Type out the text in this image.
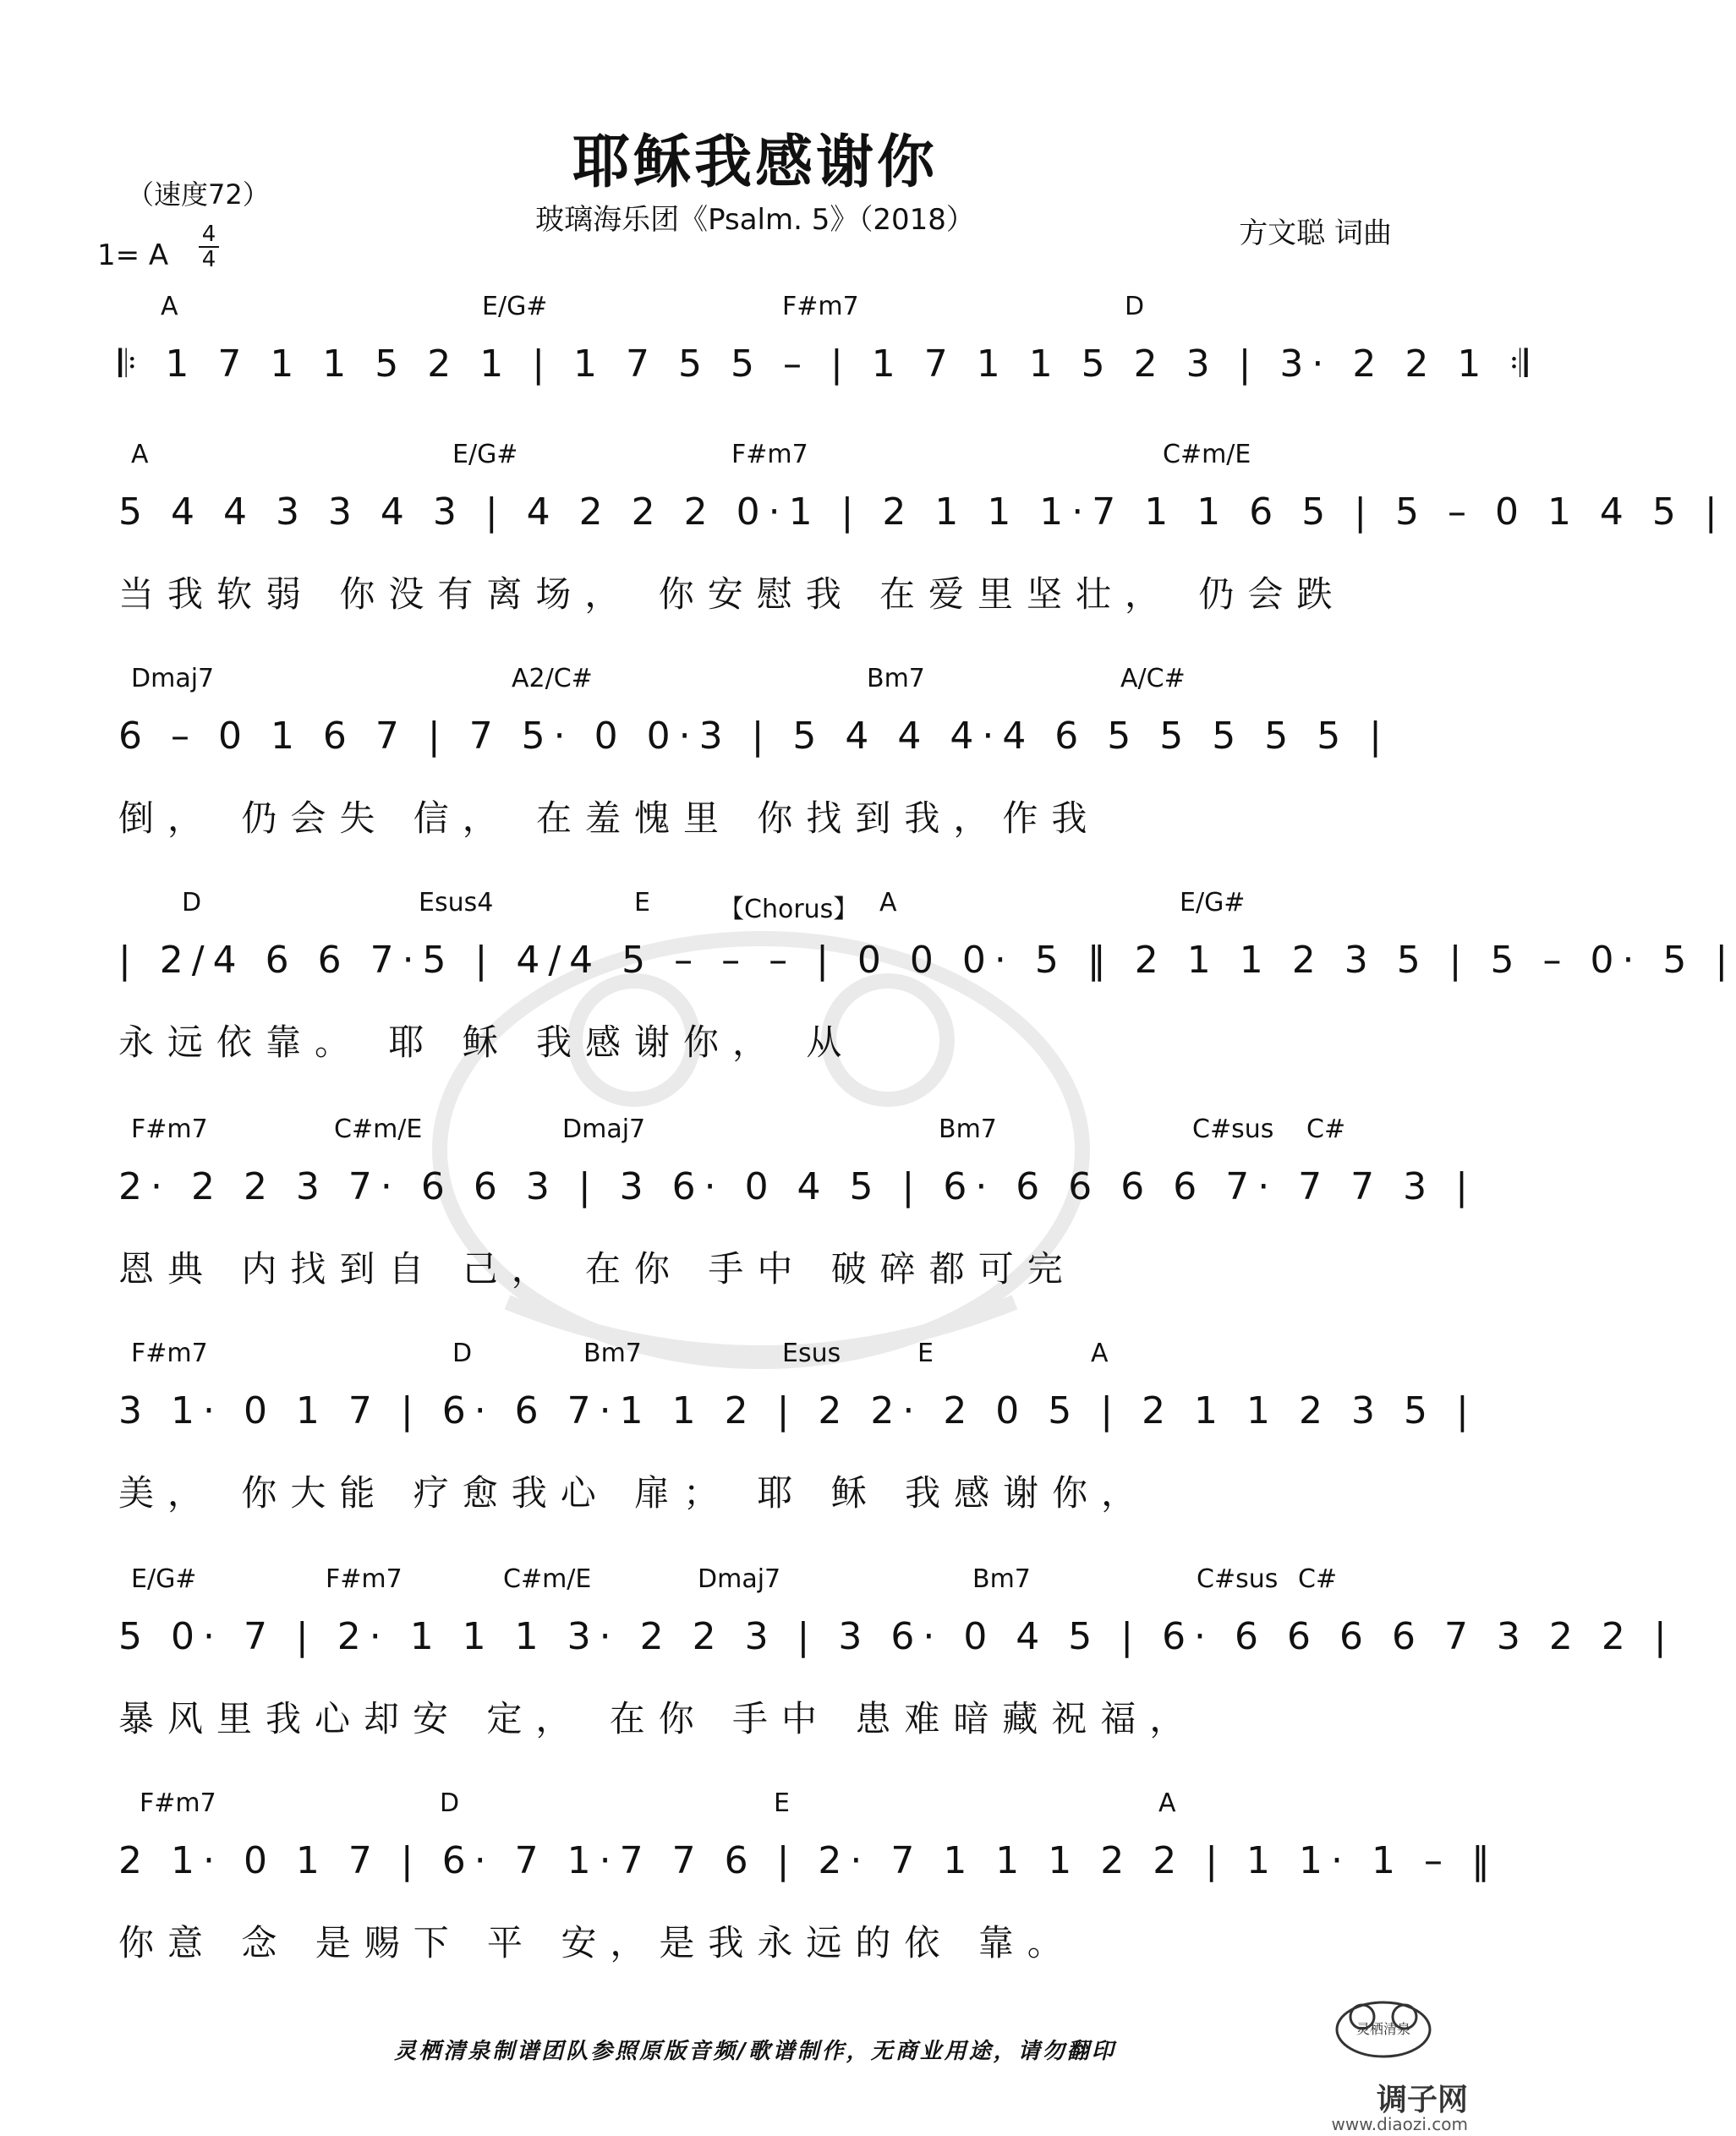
耶稣我感谢你
玻璃海乐团《Psalm. 5》（2018）
（速度72）
方文聪 词曲
1= A
4
4
A	E/G#	F#m7	D
𝄆 1 7 1 1 5 2 1 | 1 7 5 5 – | 1 7 1 1 5 2 3 | 3· 2 2 1 𝄇
A	E/G#	F#m7	C#m/E
5 4 4 3 3 4 3 | 4 2 2 2 0·1 | 2 1 1 1·7 1 1 6 5 | 5 – 0 1 4 5 |
当我软弱 你没有离场， 你安慰我 在爱里坚壮， 仍会跌
Dmaj7	A2/C#	Bm7	A/C#
6 – 0 1 6 7 | 7 5· 0 0·3 | 5 4 4 4·4 6 5 5 5 5 5 |
倒， 仍会失 信， 在羞愧里 你找到我，作我
D	Esus4	E	【Chorus】 A	E/G#
| 2/4 6 6 7·5 | 4/4 5 – – – | 0 0 0· 5 ‖ 2 1 1 2 3 5 | 5 – 0· 5 |
永远依靠。 耶 稣 我感谢你， 从
F#m7	C#m/E	Dmaj7	Bm7	C#sus C#
2· 2 2 3 7· 6 6 3 | 3 6· 0 4 5 | 6· 6 6 6 6 7· 7 7 3 |
恩典 内找到自 己， 在你 手中 破碎都可完
F#m7	D	Bm7	Esus	E	A
3 1· 0 1 7 | 6· 6 7·1 1 2 | 2 2· 2 0 5 | 2 1 1 2 3 5 |
美， 你大能 疗愈我心 扉； 耶 稣 我感谢你，
E/G#	F#m7	C#m/E	Dmaj7	Bm7	C#sus C#
5 0· 7 | 2· 1 1 1 3· 2 2 3 | 3 6· 0 4 5 | 6· 6 6 6 6 7 3 2 2 |
暴风里我心却安 定， 在你 手中 患难暗藏祝福，
F#m7	D	E	A
2 1· 0 1 7 | 6· 7 1·7 7 6 | 2· 7 1 1 1 2 2 | 1 1· 1 – ‖
你意 念 是赐下 平 安，是我永远的依 靠。
灵栖清泉
灵栖清泉制谱团队参照原版音频/歌谱制作，无商业用途，请勿翻印
调子网
www.diaozi.com
